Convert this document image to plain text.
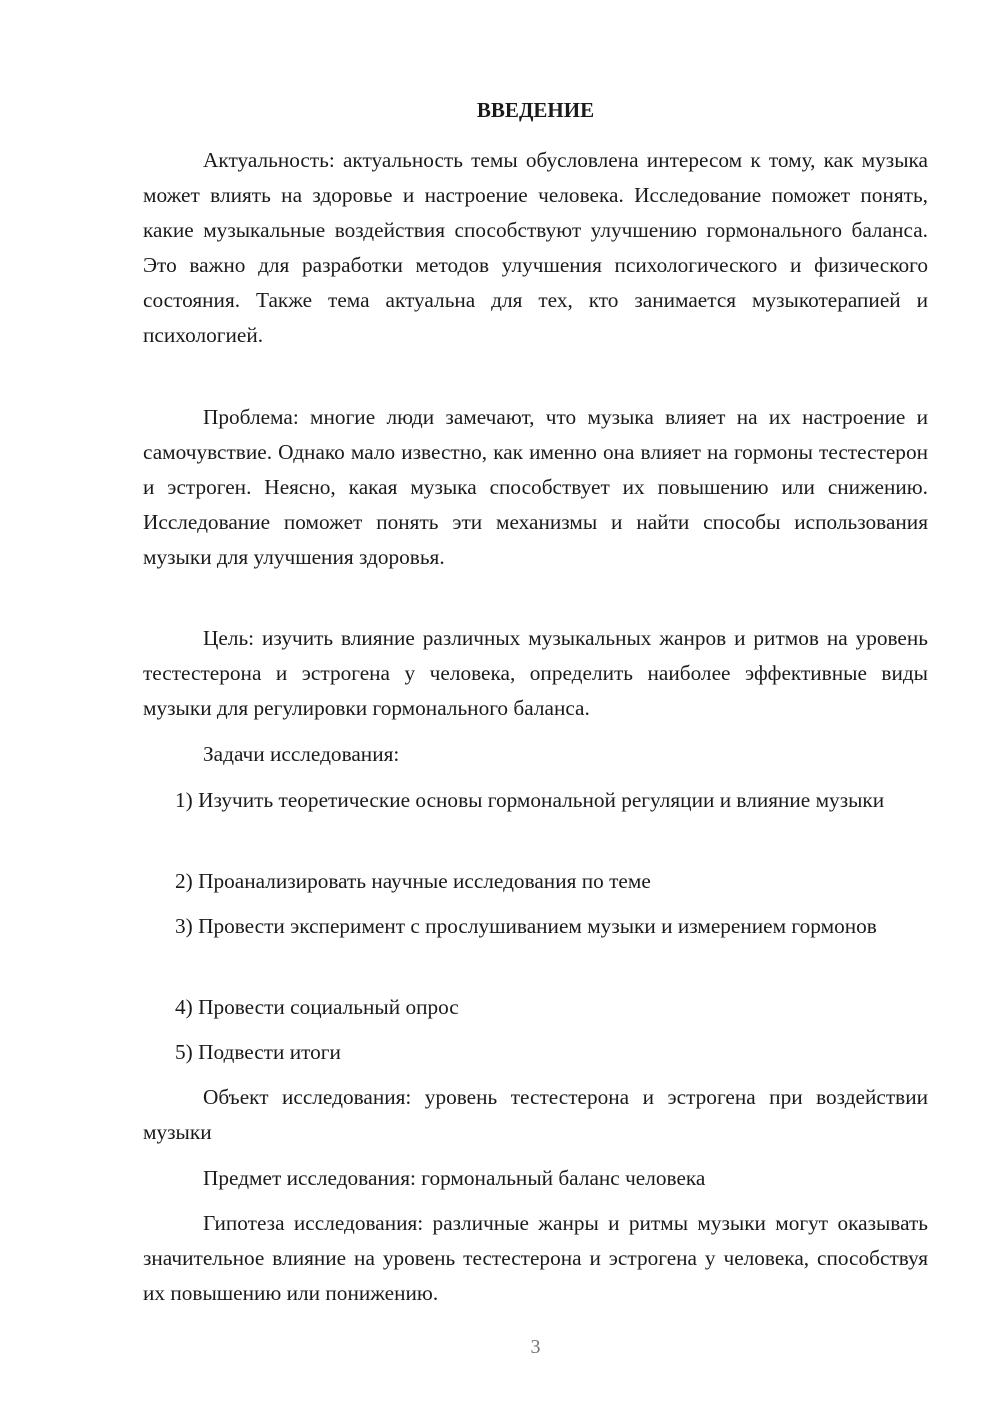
ВВЕДЕНИЕ

Актуальность: актуальность темы обусловлена интересом к тому, как музыка может влиять на здоровье и настроение человека. Исследование поможет понять, какие музыкальные воздействия способствуют улучшению гормонального баланса. Это важно для разработки методов улучшения психологического и физического состояния. Также тема актуальна для тех, кто занимается музыкотерапией и психологией.

Проблема: многие люди замечают, что музыка влияет на их настроение и самочувствие. Однако мало известно, как именно она влияет на гормоны тестестерон и эстроген. Неясно, какая музыка способствует их повышению или снижению. Исследование поможет понять эти механизмы и найти способы использования музыки для улучшения здоровья.

Цель: изучить влияние различных музыкальных жанров и ритмов на уровень тестестерона и эстрогена у человека, определить наиболее эффективные виды музыки для регулировки гормонального баланса.

Задачи исследования:

1) Изучить теоретические основы гормональной регуляции и влияние музыки

2) Проанализировать научные исследования по теме

3) Провести эксперимент с прослушиванием музыки и измерением гормонов

4) Провести социальный опрос

5) Подвести итоги

Объект исследования: уровень тестестерона и эстрогена при воздействии музыки

Предмет исследования: гормональный баланс человека

Гипотеза исследования: различные жанры и ритмы музыки могут оказывать значительное влияние на уровень тестестерона и эстрогена у человека, способствуя их повышению или понижению.

3
